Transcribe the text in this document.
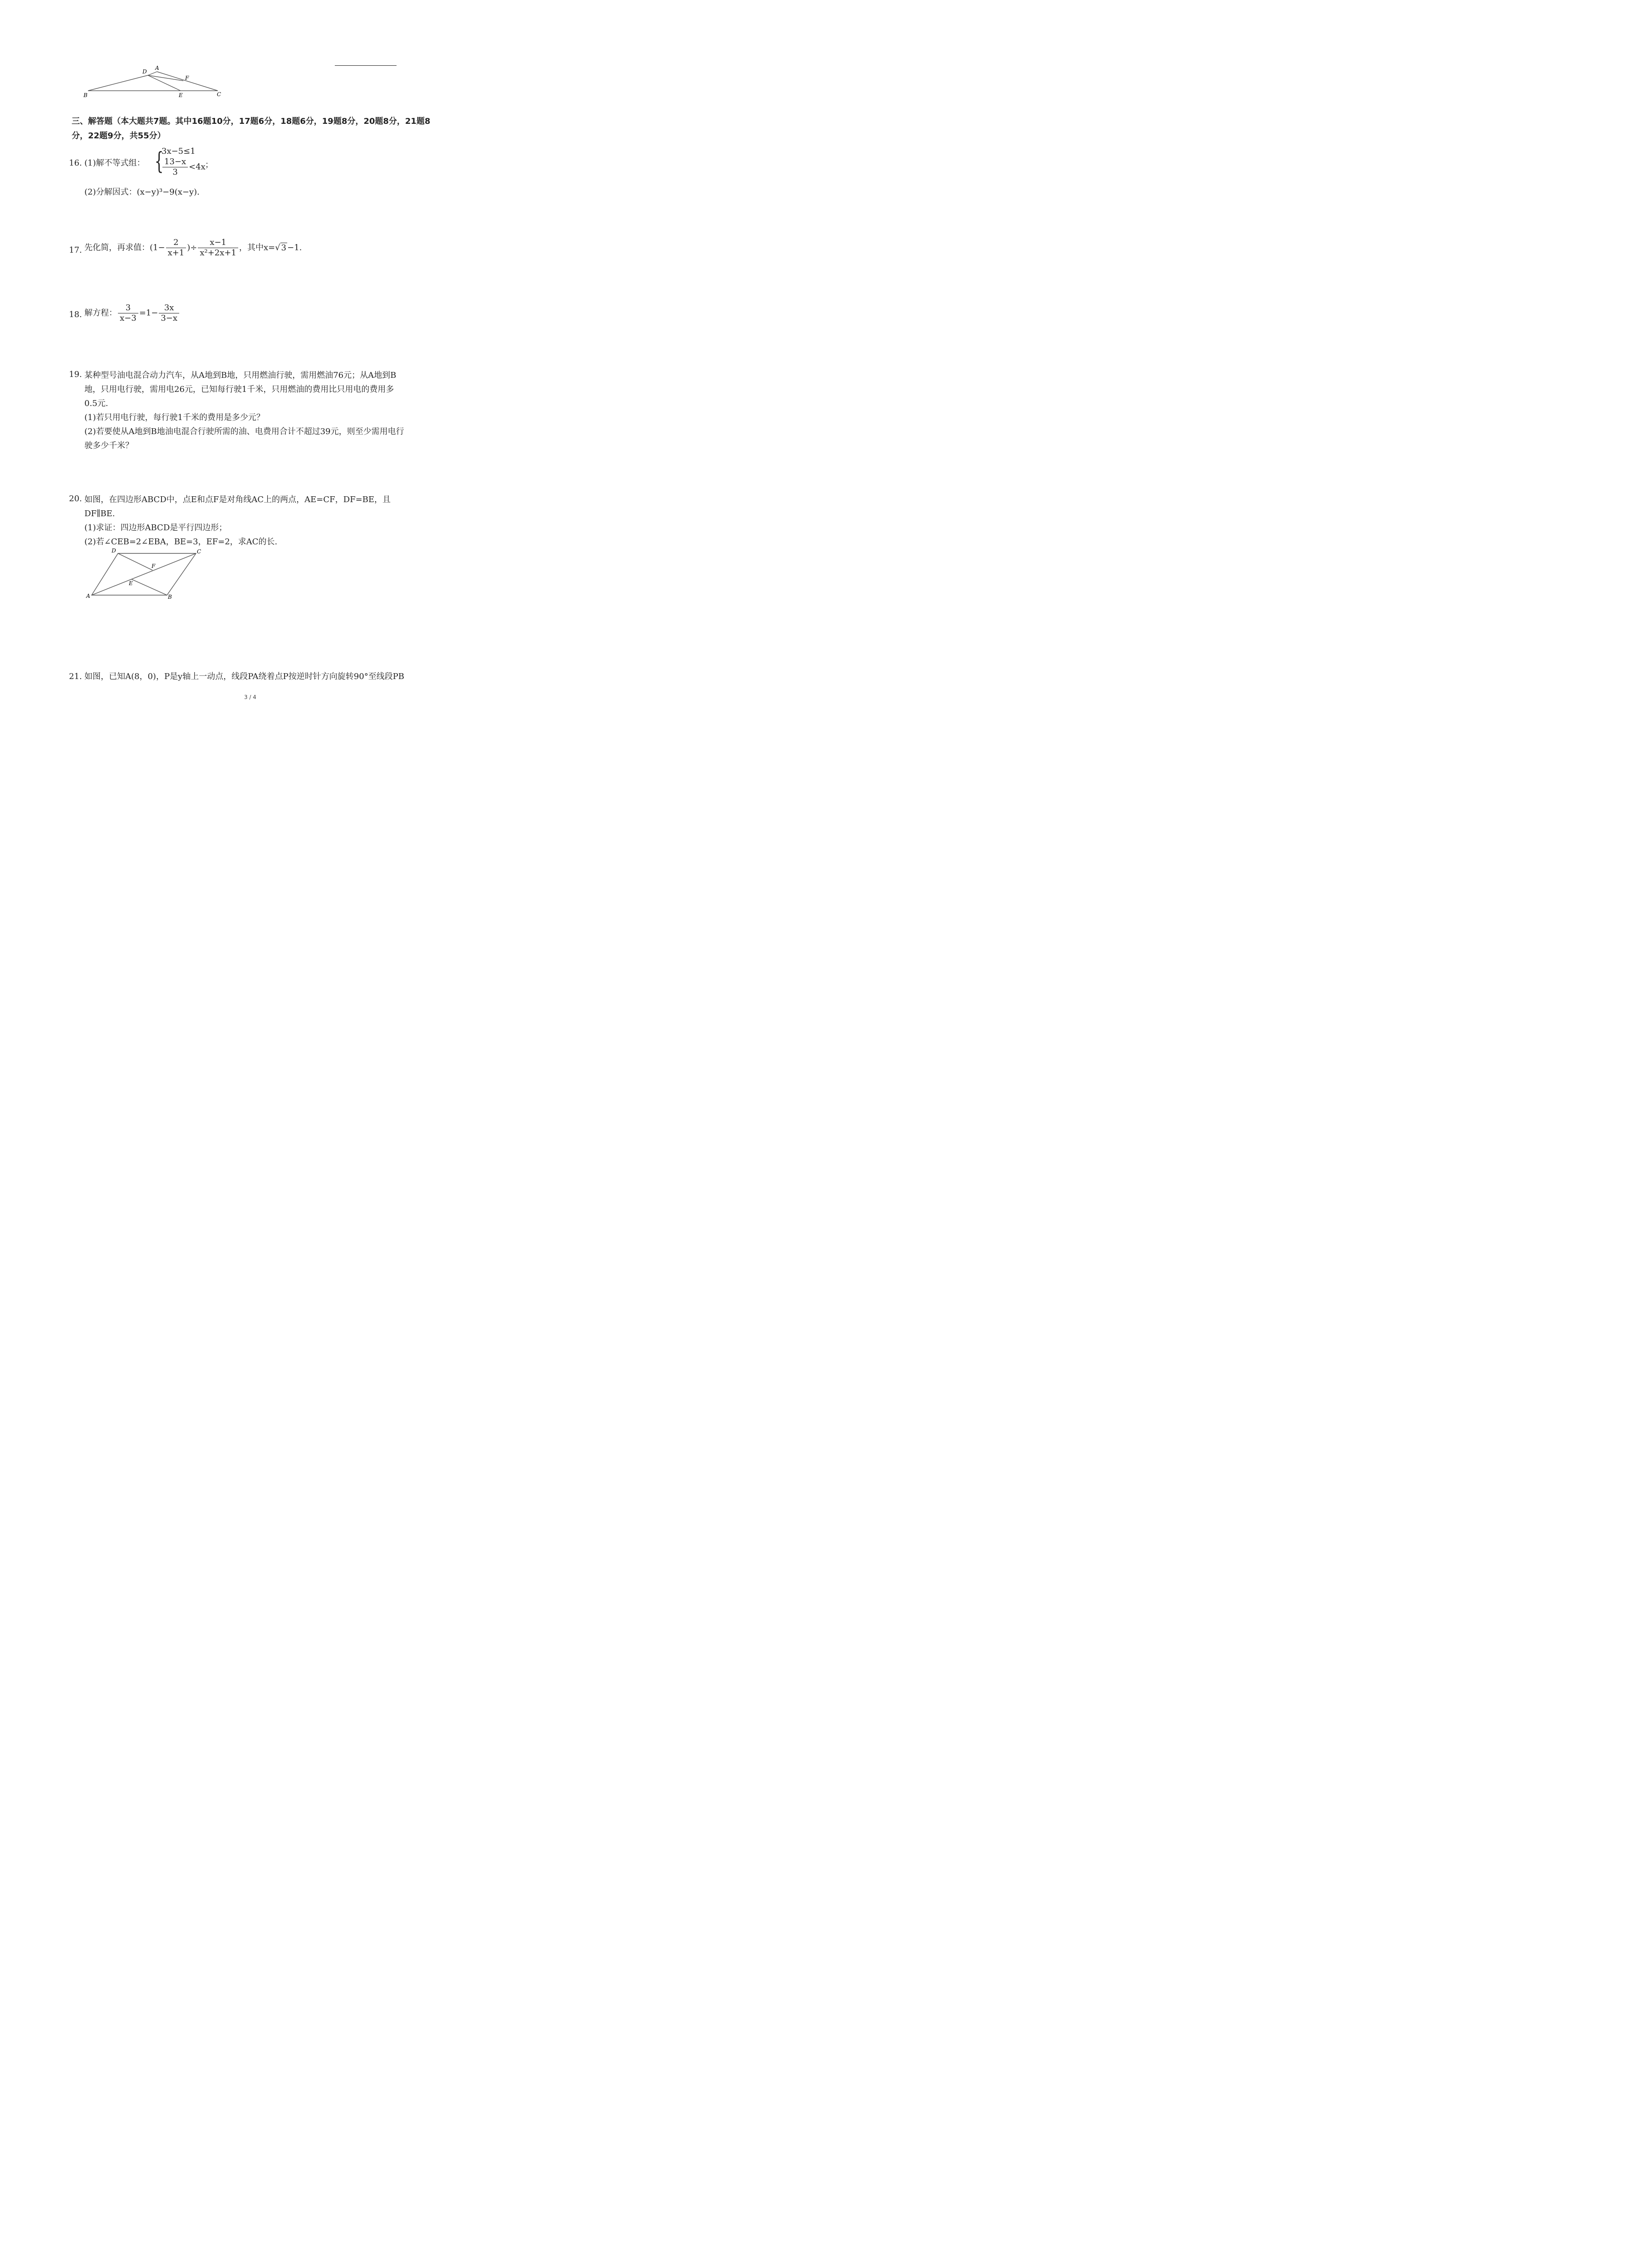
B
D
A
F
E	C
三、解答题（本大题共7题。其中16题10分，17题6分，18题6分，19题8分，20题8分，21题8
分，22题9分，共55分）
16. (1)解不等式组： {
3x−5≤1
$\frac{13-x}{3} <4x$ ；
(2)分解因式：(x−y)³−9(x−y).
17. 先化简，再求值：($1- \frac{2}{x+1}$ )÷ $\frac{x-1}{\text{x²+2x+1}}$ ，其中x=√ 3 −1.
18. 解方程： $\frac{3}{x-3} =1- \frac{3x}{3-x}$
19. 某种型号油电混合动力汽车，从A地到B地，只用燃油行驶，需用燃油76元；从A地到B
地，只用电行驶，需用电26元，已知每行驶1千米，只用燃油的费用比只用电的费用多
0.5元.
(1)若只用电行驶，每行驶1千米的费用是多少元？
(2)若要使从A地到B地油电混合行驶所需的油、电费用合计不超过39元，则至少需用电行
驶多少千米？
20. 如图，在四边形ABCD中，点E和点F是对角线AC上的两点，AE=CF，DF=BE，且
DF∥BE.
(1)求证：四边形ABCD是平行四边形；
(2)若∠CEB=2∠EBA，BE=3，EF=2，求AC的长.
D	C
F
E
A	B
21. 如图，已知A(8，0)，P是y轴上一动点，线段PA绕着点P按逆时针方向旋转90°至线段PB
3 / 4
